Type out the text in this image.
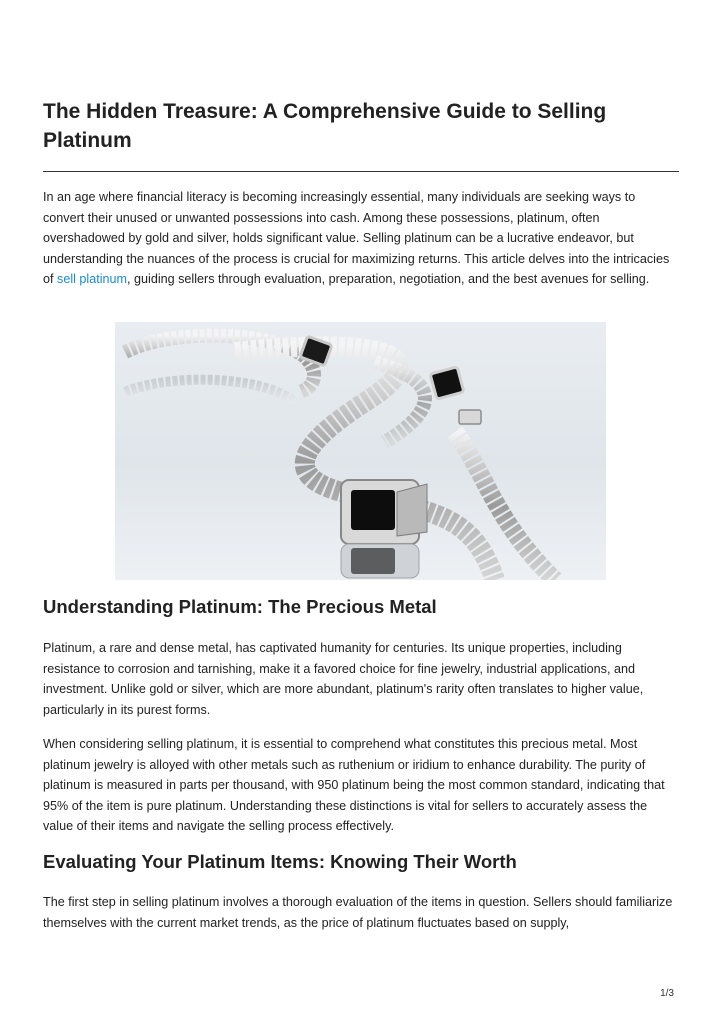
The Hidden Treasure: A Comprehensive Guide to Selling Platinum

In an age where financial literacy is becoming increasingly essential, many individuals are seeking ways to convert their unused or unwanted possessions into cash. Among these possessions, platinum, often overshadowed by gold and silver, holds significant value. Selling platinum can be a lucrative endeavor, but understanding the nuances of the process is crucial for maximizing returns. This article delves into the intricacies of sell platinum, guiding sellers through evaluation, preparation, negotiation, and the best avenues for selling.

Understanding Platinum: The Precious Metal

Platinum, a rare and dense metal, has captivated humanity for centuries. Its unique properties, including resistance to corrosion and tarnishing, make it a favored choice for fine jewelry, industrial applications, and investment. Unlike gold or silver, which are more abundant, platinum's rarity often translates to higher value, particularly in its purest forms.

When considering selling platinum, it is essential to comprehend what constitutes this precious metal. Most platinum jewelry is alloyed with other metals such as ruthenium or iridium to enhance durability. The purity of platinum is measured in parts per thousand, with 950 platinum being the most common standard, indicating that 95% of the item is pure platinum. Understanding these distinctions is vital for sellers to accurately assess the value of their items and navigate the selling process effectively.

Evaluating Your Platinum Items: Knowing Their Worth

The first step in selling platinum involves a thorough evaluation of the items in question. Sellers should familiarize themselves with the current market trends, as the price of platinum fluctuates based on supply,

1/3
